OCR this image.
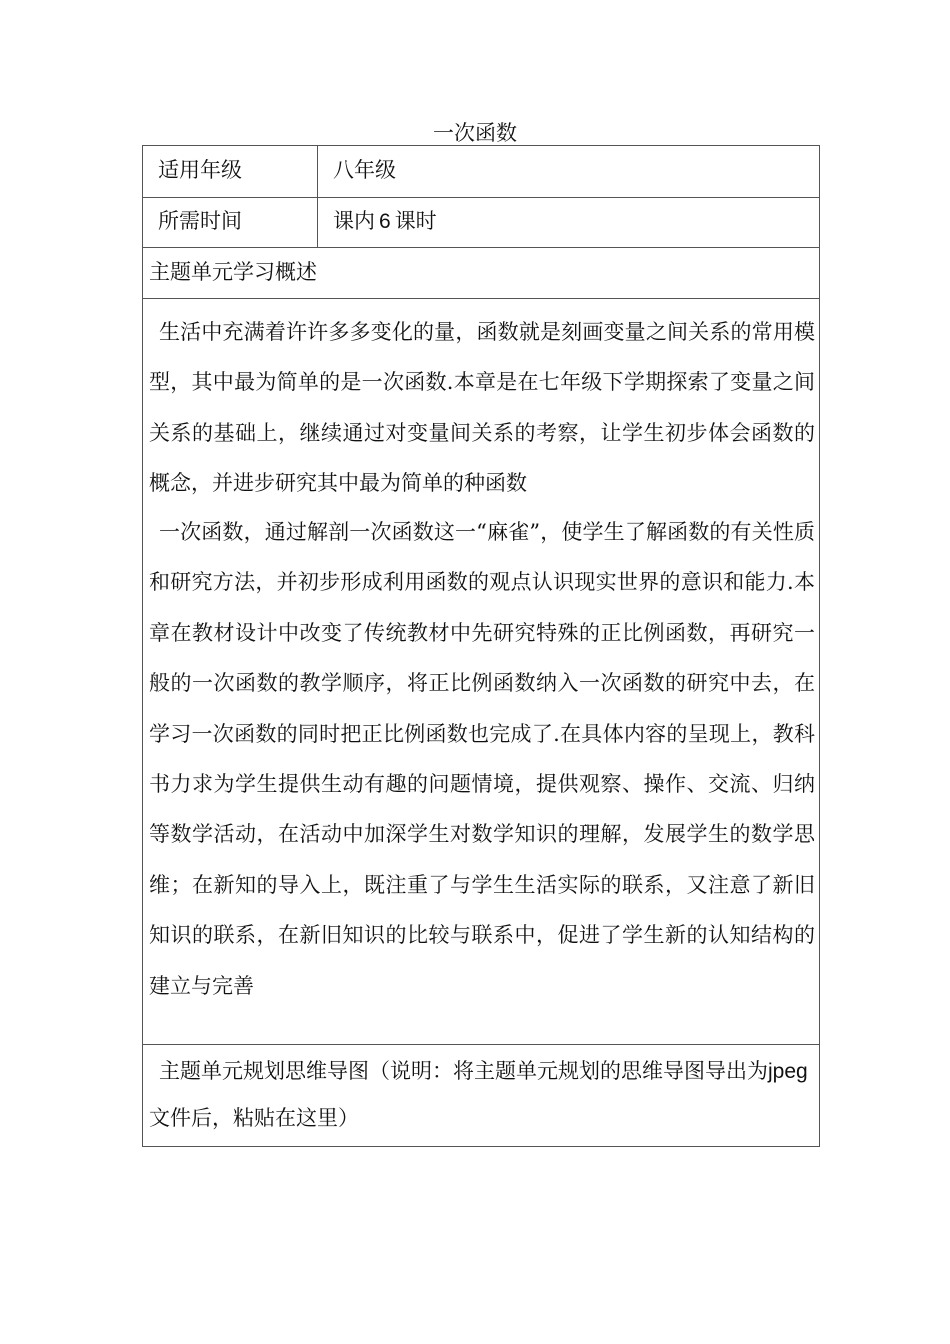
一次函数
适用年级	八年级
所需时间	课内 6 课时
主题单元学习概述

生活中充满着许许多多变化的量，函数就是刻画变量之间关系的常用模型，其中最为简单的是一次函数.本章是在七年级下学期探索了变量之间关系的基础上，继续通过对变量间关系的考察，让学生初步体会函数的概念，并进步研究其中最为简单的种函数

一次函数，通过解剖一次函数这一“麻雀”，使学生了解函数的有关性质和研究方法，并初步形成利用函数的观点认识现实世界的意识和能力.本章在教材设计中改变了传统教材中先研究特殊的正比例函数，再研究一般的一次函数的教学顺序，将正比例函数纳入一次函数的研究中去，在学习一次函数的同时把正比例函数也完成了.在具体内容的呈现上，教科书力求为学生提供生动有趣的问题情境，提供观察、操作、交流、归纳等数学活动，在活动中加深学生对数学知识的理解，发展学生的数学思维；在新知的导入上，既注重了与学生生活实际的联系，又注意了新旧知识的联系，在新旧知识的比较与联系中，促进了学生新的认知结构的建立与完善

主题单元规划思维导图（说明：将主题单元规划的思维导图导出为jpeg文件后，粘贴在这里）
